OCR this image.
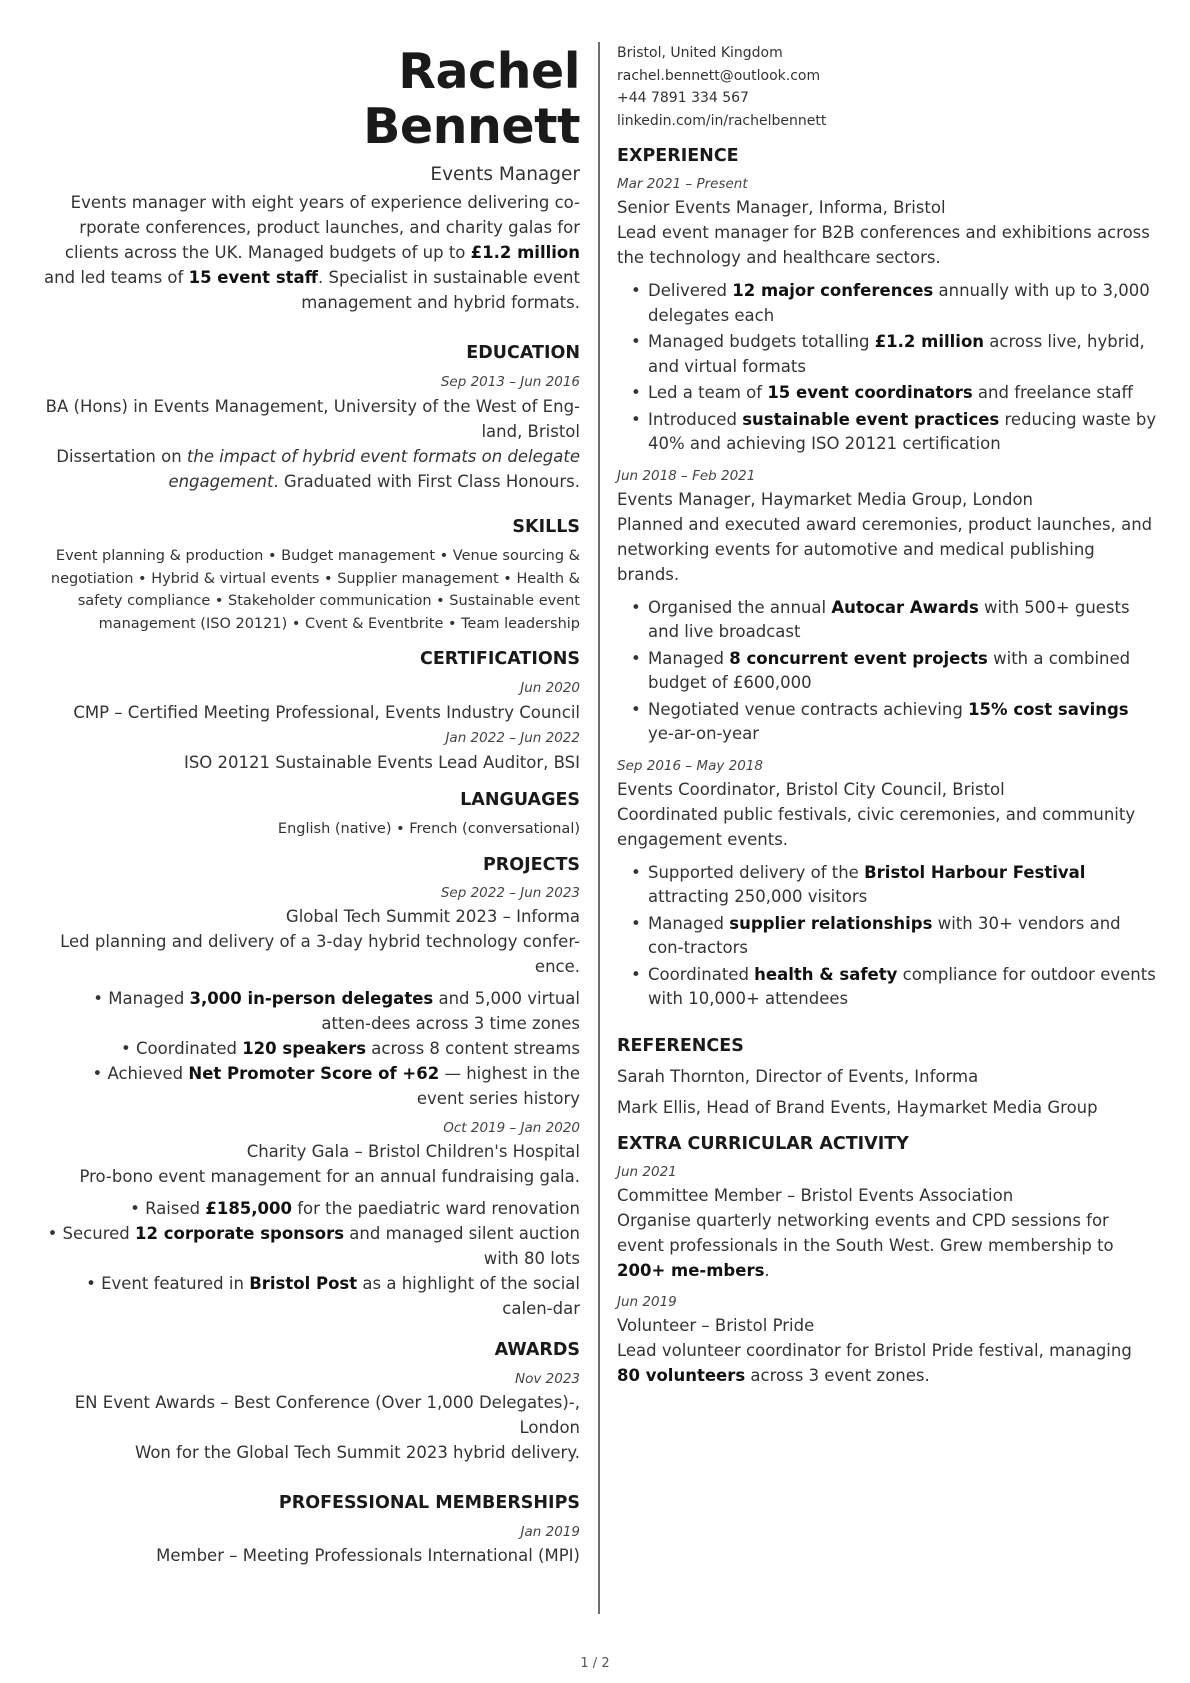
Rachel
Bennett
Events Manager
Events manager with eight years of experience delivering co-rporate conferences, product launches, and charity galas for clients across the UK. Managed budgets of up to £1.2 million and led teams of 15 event staff. Specialist in sustainable event management and hybrid formats.
EDUCATION
Sep 2013 – Jun 2016
BA (Hons) in Events Management, University of the West of Eng-land, Bristol
Dissertation on the impact of hybrid event formats on delegate engagement. Graduated with First Class Honours.
SKILLS
Event planning & production • Budget management • Venue sourcing & negotiation • Hybrid & virtual events • Supplier management • Health & safety compliance • Stakeholder communication • Sustainable event management (ISO 20121) • Cvent & Eventbrite • Team leadership
CERTIFICATIONS
Jun 2020
CMP – Certified Meeting Professional, Events Industry Council
Jan 2022 – Jun 2022
ISO 20121 Sustainable Events Lead Auditor, BSI
LANGUAGES
English (native) • French (conversational)
PROJECTS
Sep 2022 – Jun 2023
Global Tech Summit 2023 – Informa
Led planning and delivery of a 3-day hybrid technology confer-ence.
• Managed 3,000 in-person delegates and 5,000 virtual atten-dees across 3 time zones
• Coordinated 120 speakers across 8 content streams
• Achieved Net Promoter Score of +62 — highest in the event series history
Oct 2019 – Jan 2020
Charity Gala – Bristol Children's Hospital
Pro-bono event management for an annual fundraising gala.
• Raised £185,000 for the paediatric ward renovation
• Secured 12 corporate sponsors and managed silent auction with 80 lots
• Event featured in Bristol Post as a highlight of the social calen-dar
AWARDS
Nov 2023
EN Event Awards – Best Conference (Over 1,000 Delegates)-, London
Won for the Global Tech Summit 2023 hybrid delivery.
PROFESSIONAL MEMBERSHIPS
Jan 2019
Member – Meeting Professionals International (MPI)
Bristol, United Kingdom
rachel.bennett@outlook.com
+44 7891 334 567
linkedin.com/in/rachelbennett
EXPERIENCE
Mar 2021 – Present
Senior Events Manager, Informa, Bristol
Lead event manager for B2B conferences and exhibitions across the technology and healthcare sectors.
• Delivered 12 major conferences annually with up to 3,000 delegates each
• Managed budgets totalling £1.2 million across live, hybrid, and virtual formats
• Led a team of 15 event coordinators and freelance staff
• Introduced sustainable event practices reducing waste by 40% and achieving ISO 20121 certification
Jun 2018 – Feb 2021
Events Manager, Haymarket Media Group, London
Planned and executed award ceremonies, product launches, and networking events for automotive and medical publishing brands.
• Organised the annual Autocar Awards with 500+ guests and live broadcast
• Managed 8 concurrent event projects with a combined budget of £600,000
• Negotiated venue contracts achieving 15% cost savings ye-ar-on-year
Sep 2016 – May 2018
Events Coordinator, Bristol City Council, Bristol
Coordinated public festivals, civic ceremonies, and community engagement events.
• Supported delivery of the Bristol Harbour Festival attracting 250,000 visitors
• Managed supplier relationships with 30+ vendors and con-tractors
• Coordinated health & safety compliance for outdoor events with 10,000+ attendees
REFERENCES
Sarah Thornton, Director of Events, Informa
Mark Ellis, Head of Brand Events, Haymarket Media Group
EXTRA CURRICULAR ACTIVITY
Jun 2021
Committee Member – Bristol Events Association
Organise quarterly networking events and CPD sessions for event professionals in the South West. Grew membership to 200+ me-mbers.
Jun 2019
Volunteer – Bristol Pride
Lead volunteer coordinator for Bristol Pride festival, managing 80 volunteers across 3 event zones.
1 / 2
